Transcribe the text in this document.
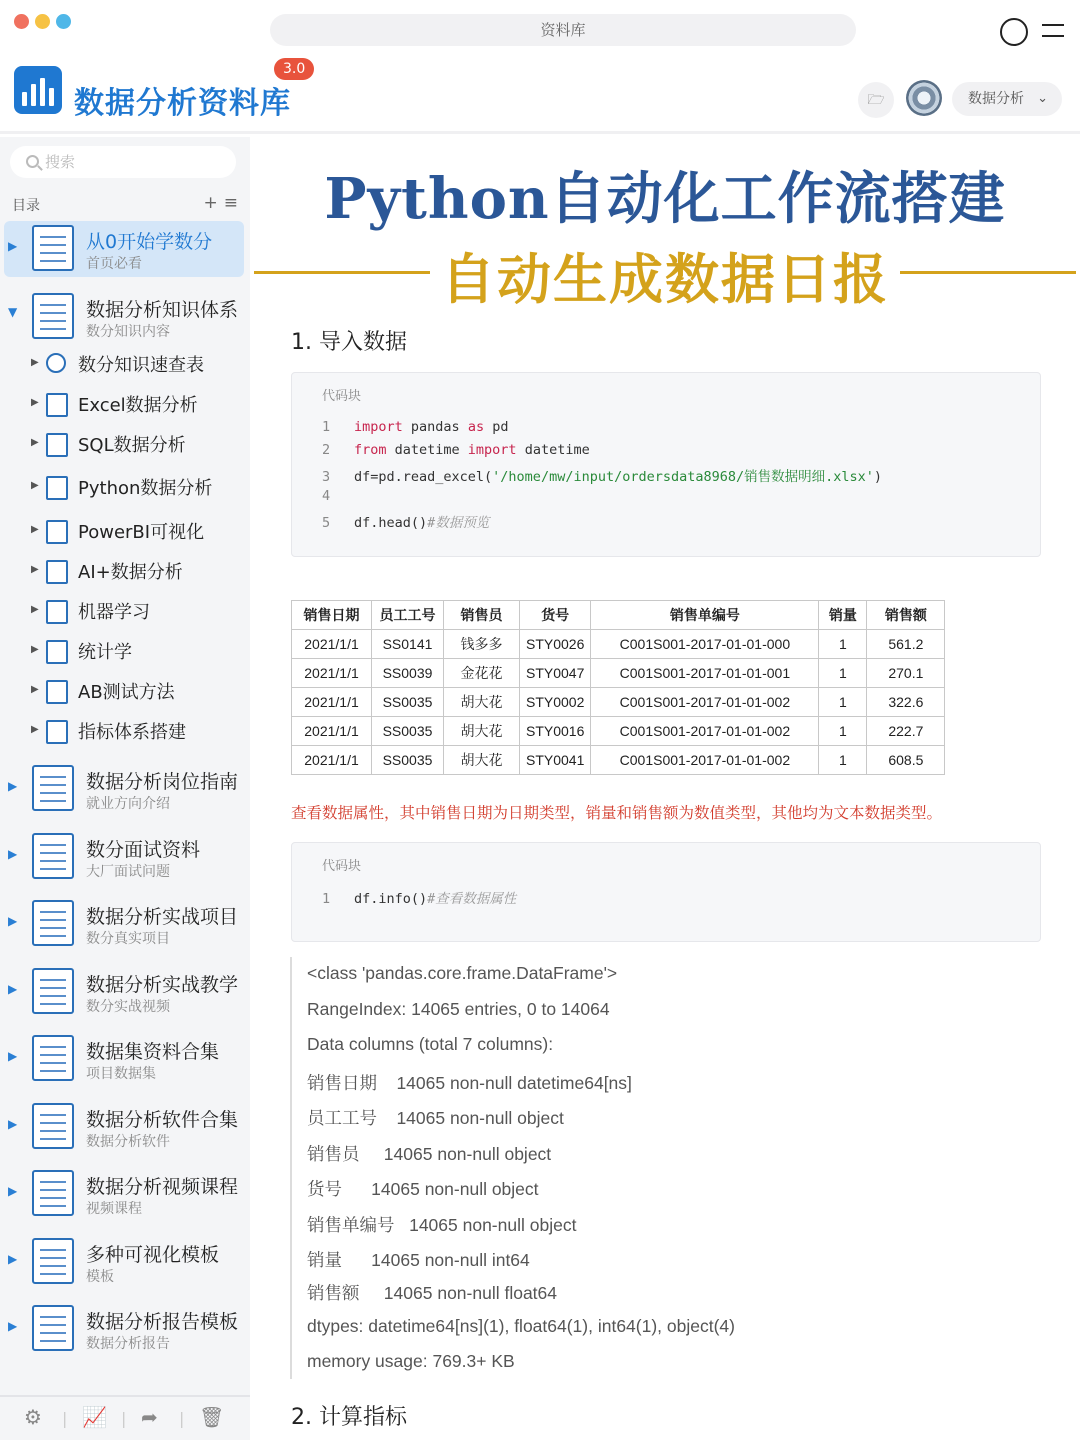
资料库
数据分析资料库
3.0
🗁	数据分析 ⌄
搜索
目录	+≡
▶	从0开始学数分
首页必看
▼	数据分析知识体系
数分知识内容
▶ 数分知识速查表
▶ Excel数据分析
▶ SQL数据分析
▶ Python数据分析
▶ PowerBI可视化
▶ AI+数据分析
▶ 机器学习
▶ 统计学
▶ AB测试方法
▶ 指标体系搭建
▶	数据分析岗位指南
就业方向介绍
▶	数分面试资料
大厂面试问题
▶	数据分析实战项目
数分真实项目
▶	数据分析实战教学
数分实战视频
▶	数据集资料合集
项目数据集
▶	数据分析软件合集
数据分析软件
▶	数据分析视频课程
视频课程
▶	多种可视化模板
模板
▶	数据分析报告模板
数据分析报告
⚙ | 📈 | ➦ | 🗑
Python自动化工作流搭建
自动生成数据日报
1. 导入数据
代码块
1 import pandas as pd
2 from datetime import datetime
3 df=pd.read_excel('/home/mw/input/ordersdata8968/销售数据明细.xlsx')
4
5 df.head()#数据预览
销售日期	员工工号	销售员	货号	销售单编号	销量	销售额
2021/1/1	SS0141	钱多多	STY0026	C001S001-2017-01-01-000	1	561.2
2021/1/1	SS0039	金花花	STY0047	C001S001-2017-01-01-001	1	270.1
2021/1/1	SS0035	胡大花	STY0002	C001S001-2017-01-01-002	1	322.6
2021/1/1	SS0035	胡大花	STY0016	C001S001-2017-01-01-002	1	222.7
2021/1/1	SS0035	胡大花	STY0041	C001S001-2017-01-01-002	1	608.5
查看数据属性，其中销售日期为日期类型，销量和销售额为数值类型，其他均为文本数据类型。
代码块
1 df.info()#查看数据属性
<class 'pandas.core.frame.DataFrame'>
RangeIndex: 14065 entries, 0 to 14064
Data columns (total 7 columns):
销售日期    14065 non-null datetime64[ns]
员工工号    14065 non-null object
销售员     14065 non-null object
货号      14065 non-null object
销售单编号   14065 non-null object
销量      14065 non-null int64
销售额     14065 non-null float64
dtypes: datetime64[ns](1), float64(1), int64(1), object(4)
memory usage: 769.3+ KB
2. 计算指标
